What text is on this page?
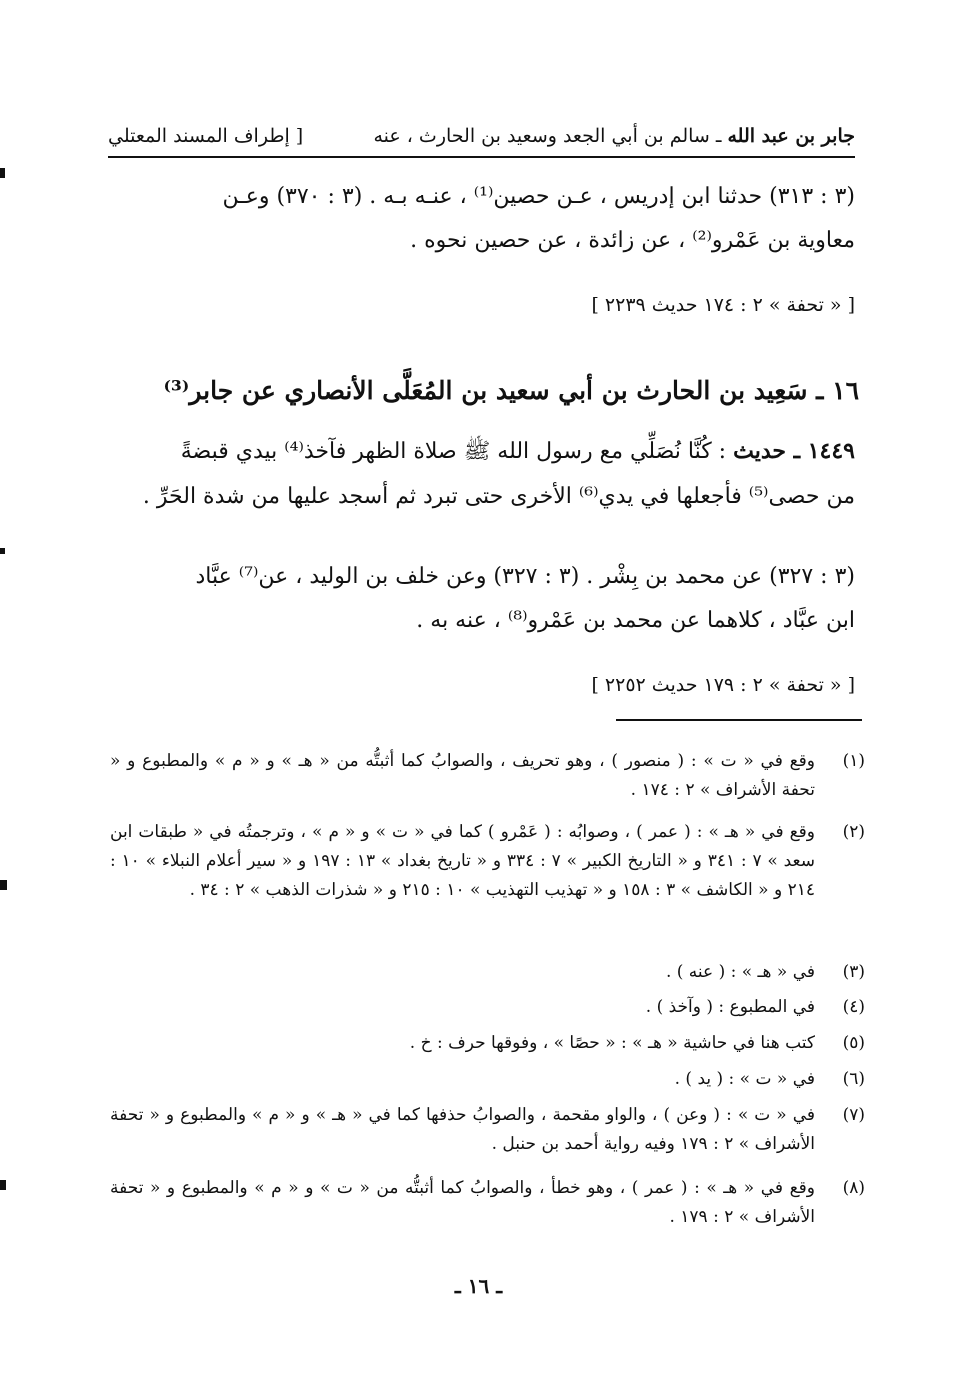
جابر بن عبد الله ـ سالم بن أبي الجعد وسعيد بن الحارث ، عنه
[ إطراف المسند المعتلي
(٣ : ٣١٣) حدثنا ابن إدريس ، عـن حصين⁽¹⁾ ، عنـه بـه . (٣ : ٣٧٠) وعـن
معاوية بن عَمْرو⁽²⁾ ، عن زائدة ، عن حصين نحوه .
[ « تحفة » ٢ : ١٧٤ حديث ٢٢٣٩ ]
١٦ ـ سَعِيد بن الحارث بن أبي سعيد بن المُعَلَّى الأنصاري عن جابر⁽³⁾
١٤٤٩ ـ حديث : كُنَّا نُصَلِّي مع رسول الله ﷺ صلاة الظهر فآخذ⁽⁴⁾ بيدي قبضةً
من حصى⁽⁵⁾ فأجعلها في يدي⁽⁶⁾ الأخرى حتى تبرد ثم أسجد عليها من شدة الحَرِّ .
(٣ : ٣٢٧) عن محمد بن بِشْر . (٣ : ٣٢٧) وعن خلف بن الوليد ، عن⁽⁷⁾ عبَّاد
ابن عبَّاد ، كلاهما عن محمد بن عَمْرو⁽⁸⁾ ، عنه به .
[ « تحفة » ٢ : ١٧٩ حديث ٢٢٥٢ ]
(١)
وقع في « ت » : ( منصور ) ، وهو تحريف ، والصوابُ كما أثبتُّه من « هـ » و « م » والمطبوع و « تحفة الأشراف » ٢ : ١٧٤ .
(٢)
وقع في « هـ » : ( عمر ) ، وصوابُه : ( عَمْرو ) كما في « ت » و « م » ، وترجمتُه في « طبقات ابن سعد » ٧ : ٣٤١ و « التاريخ الكبير » ٧ : ٣٣٤ و « تاريخ بغداد » ١٣ : ١٩٧ و « سير أعلام النبلاء » ١٠ : ٢١٤ و « الكاشف » ٣ : ١٥٨ و « تهذيب التهذيب » ١٠ : ٢١٥ و « شذرات الذهب » ٢ : ٣٤ .
(٣)
في « هـ » : ( عنه ) .
(٤)
في المطبوع : ( وآخذ ) .
(٥)
كتب هنا في حاشية « هـ » : « حصًا » ، وفوقها حرف : خ .
(٦)
في « ت » : ( يد ) .
(٧)
في « ت » : ( وعن ) ، والواو مقحمة ، والصوابُ حذفها كما في « هـ » و « م » والمطبوع و « تحفة الأشراف » ٢ : ١٧٩ وفيه رواية أحمد بن حنبل .
(٨)
وقع في « هـ » : ( عمر ) ، وهو خطأ ، والصوابُ كما أثبتُّه من « ت » و « م » والمطبوع و « تحفة الأشراف » ٢ : ١٧٩ .
ـ ١٦ ـ
